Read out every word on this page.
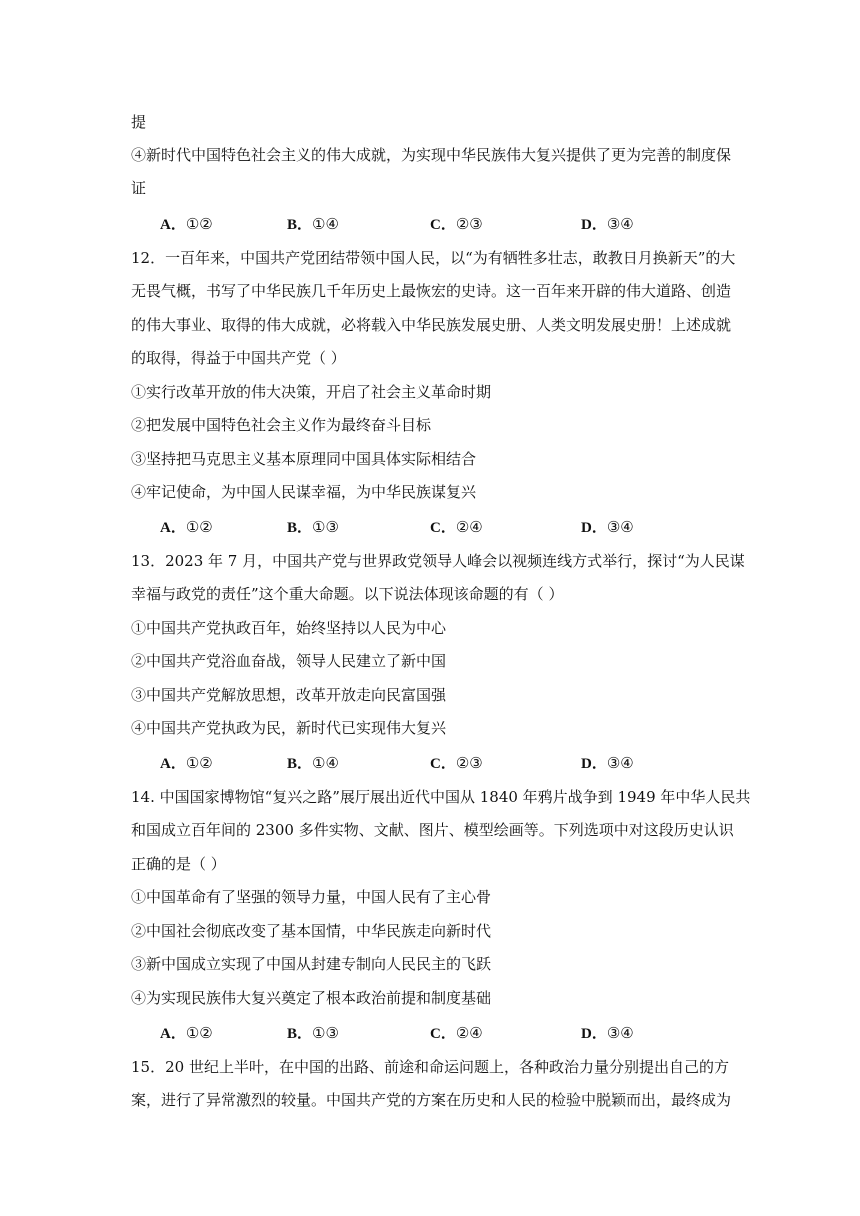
提
④新时代中国特色社会主义的伟大成就，为实现中华民族伟大复兴提供了更为完善的制度保
证
A．①②	B．①④	C．②③	D．③④
12．一百年来，中国共产党团结带领中国人民，以“为有牺牲多壮志，敢教日月换新天”的大
无畏气概，书写了中华民族几千年历史上最恢宏的史诗。这一百年来开辟的伟大道路、创造
的伟大事业、取得的伟大成就，必将载入中华民族发展史册、人类文明发展史册！上述成就
的取得，得益于中国共产党（ ）
①实行改革开放的伟大决策，开启了社会主义革命时期
②把发展中国特色社会主义作为最终奋斗目标
③坚持把马克思主义基本原理同中国具体实际相结合
④牢记使命，为中国人民谋幸福，为中华民族谋复兴
A．①②	B．①③	C．②④	D．③④
13．2023 年 7 月，中国共产党与世界政党领导人峰会以视频连线方式举行，探讨“为人民谋
幸福与政党的责任”这个重大命题。以下说法体现该命题的有（ ）
①中国共产党执政百年，始终坚持以人民为中心
②中国共产党浴血奋战，领导人民建立了新中国
③中国共产党解放思想，改革开放走向民富国强
④中国共产党执政为民，新时代已实现伟大复兴
A．①②	B．①④	C．②③	D．③④
14. 中国国家博物馆“复兴之路”展厅展出近代中国从 1840 年鸦片战争到 1949 年中华人民共
和国成立百年间的 2300 多件实物、文献、图片、模型绘画等。下列选项中对这段历史认识
正确的是（ ）
①中国革命有了坚强的领导力量，中国人民有了主心骨
②中国社会彻底改变了基本国情，中华民族走向新时代
③新中国成立实现了中国从封建专制向人民民主的飞跃
④为实现民族伟大复兴奠定了根本政治前提和制度基础
A．①②	B．①③	C．②④	D．③④
15．20 世纪上半叶，在中国的出路、前途和命运问题上，各种政治力量分别提出自己的方
案，进行了异常激烈的较量。中国共产党的方案在历史和人民的检验中脱颖而出，最终成为
